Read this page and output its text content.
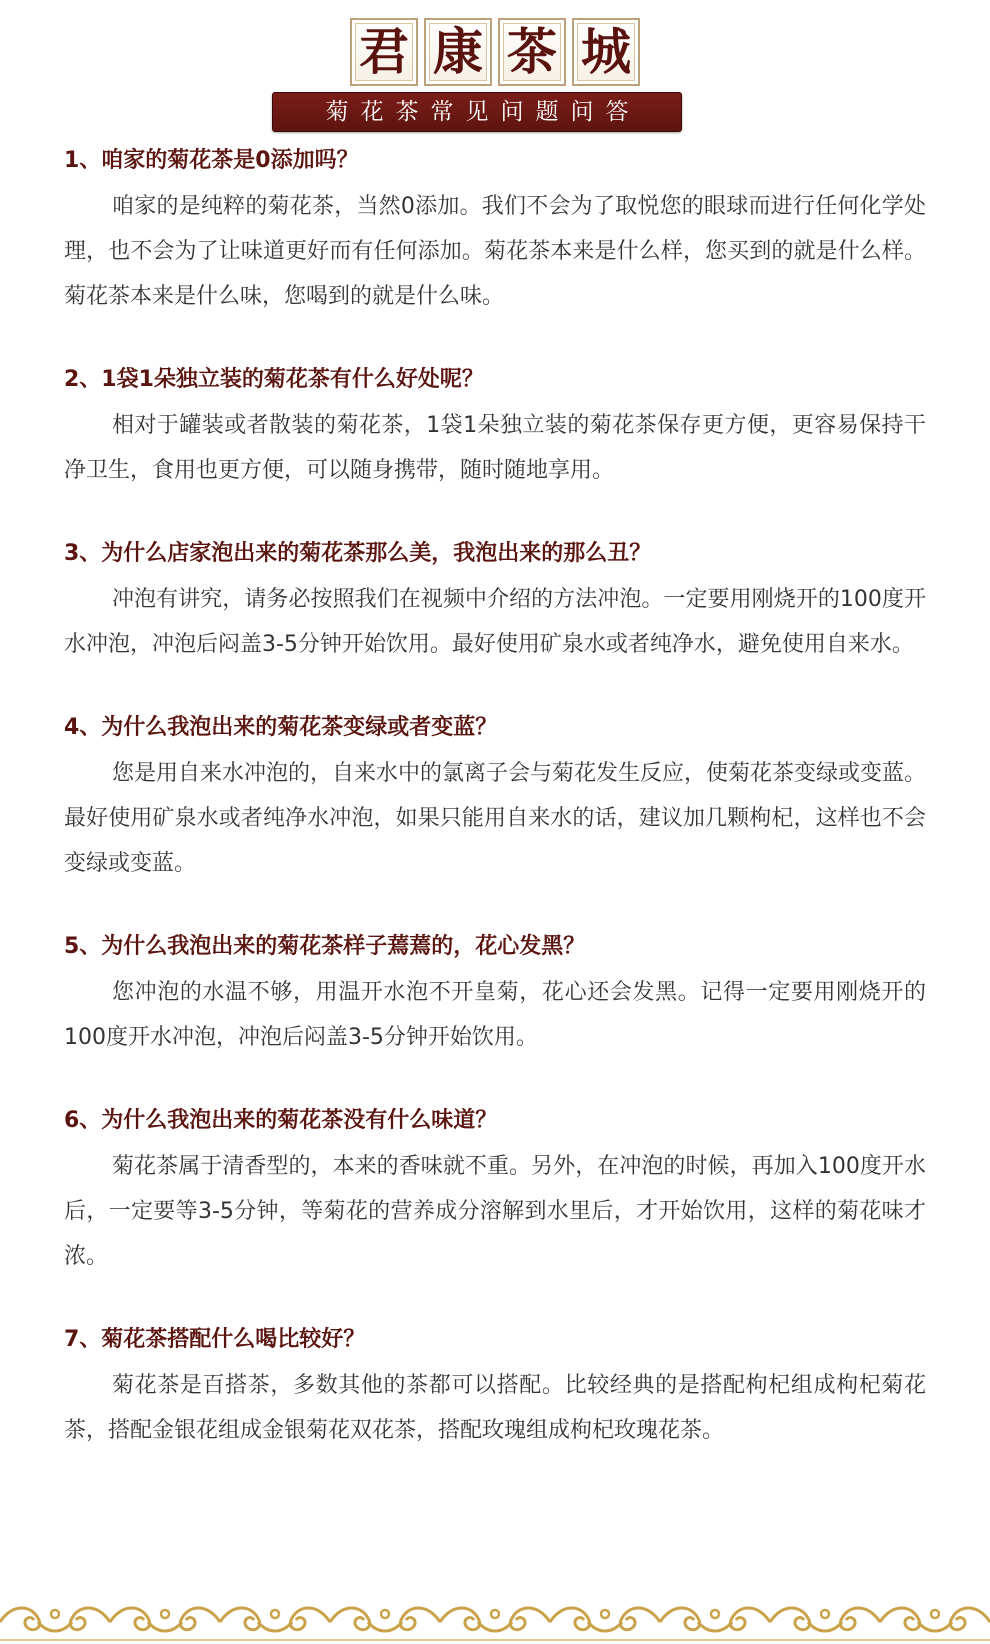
君 康 茶 城
菊花茶常见问题问答
1、咱家的菊花茶是0添加吗？

咱家的是纯粹的菊花茶，当然0添加。我们不会为了取悦您的眼球而进行任何化学处理，也不会为了让味道更好而有任何添加。菊花茶本来是什么样，您买到的就是什么样。菊花茶本来是什么味，您喝到的就是什么味。

2、1袋1朵独立装的菊花茶有什么好处呢？

相对于罐装或者散装的菊花茶，1袋1朵独立装的菊花茶保存更方便，更容易保持干净卫生，食用也更方便，可以随身携带，随时随地享用。

3、为什么店家泡出来的菊花茶那么美，我泡出来的那么丑？

冲泡有讲究，请务必按照我们在视频中介绍的方法冲泡。一定要用刚烧开的100度开水冲泡，冲泡后闷盖3-5分钟开始饮用。最好使用矿泉水或者纯净水，避免使用自来水。

4、为什么我泡出来的菊花茶变绿或者变蓝？

您是用自来水冲泡的，自来水中的氯离子会与菊花发生反应，使菊花茶变绿或变蓝。最好使用矿泉水或者纯净水冲泡，如果只能用自来水的话，建议加几颗枸杞，这样也不会变绿或变蓝。

5、为什么我泡出来的菊花茶样子蔫蔫的，花心发黑？

您冲泡的水温不够，用温开水泡不开皇菊，花心还会发黑。记得一定要用刚烧开的100度开水冲泡，冲泡后闷盖3-5分钟开始饮用。

6、为什么我泡出来的菊花茶没有什么味道？

菊花茶属于清香型的，本来的香味就不重。另外，在冲泡的时候，再加入100度开水后，一定要等3-5分钟，等菊花的营养成分溶解到水里后，才开始饮用，这样的菊花味才浓。

7、菊花茶搭配什么喝比较好？

菊花茶是百搭茶，多数其他的茶都可以搭配。比较经典的是搭配枸杞组成枸杞菊花茶，搭配金银花组成金银菊花双花茶，搭配玫瑰组成枸杞玫瑰花茶。
